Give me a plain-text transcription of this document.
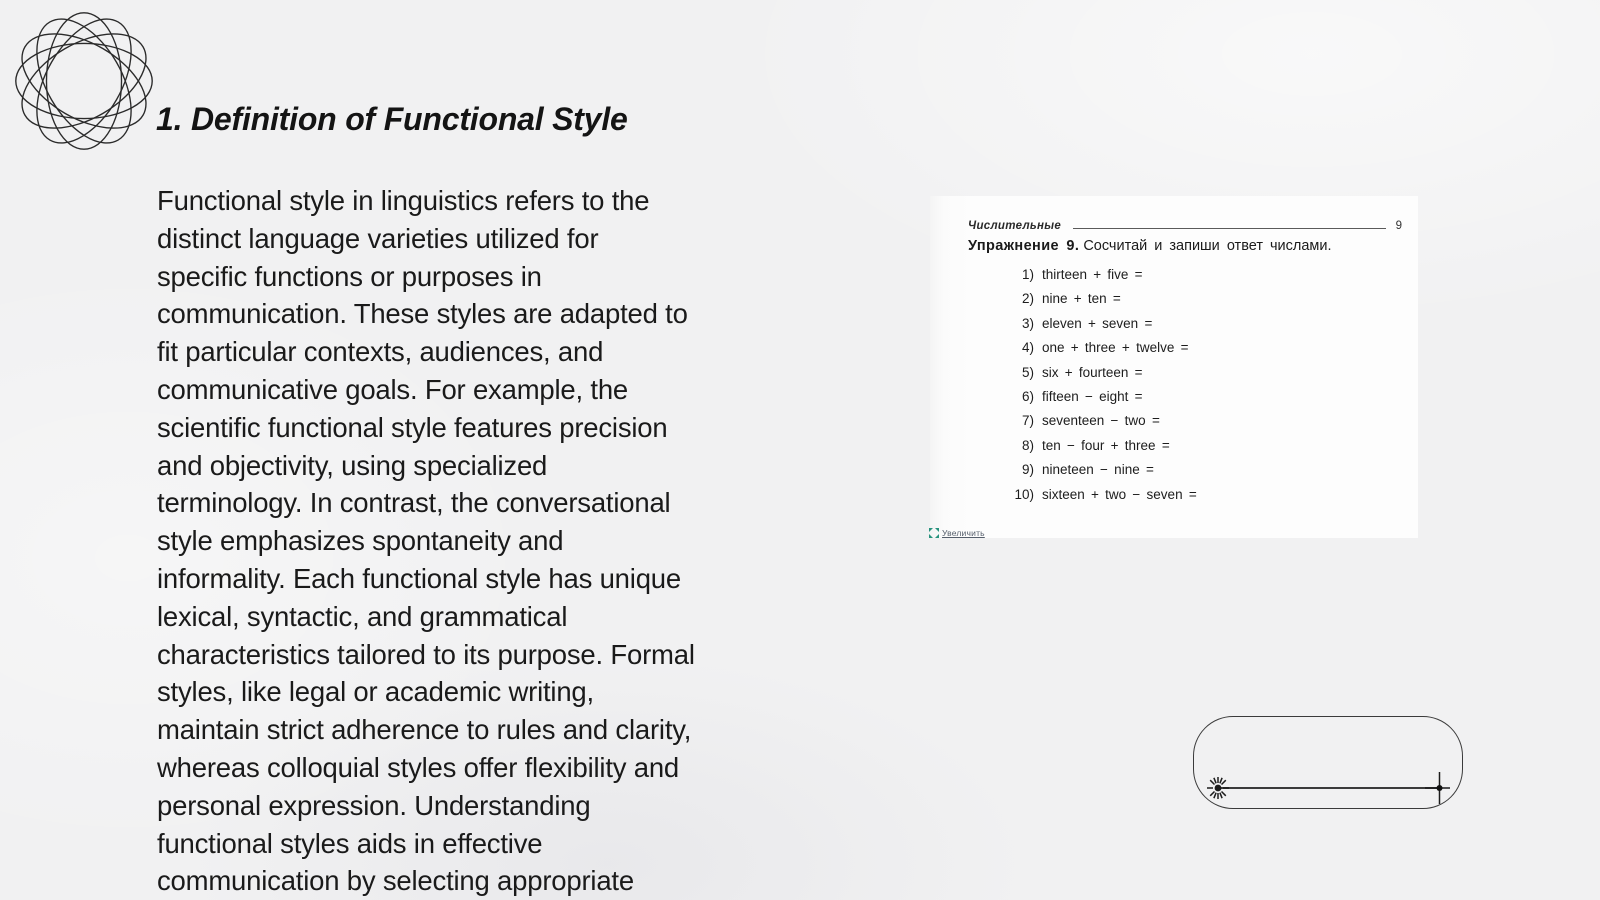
1. Definition of Functional Style
Functional style in linguistics refers to the
distinct language varieties utilized for
specific functions or purposes in
communication. These styles are adapted to
fit particular contexts, audiences, and
communicative goals. For example, the
scientific functional style features precision
and objectivity, using specialized
terminology. In contrast, the conversational
style emphasizes spontaneity and
informality. Each functional style has unique
lexical, syntactic, and grammatical
characteristics tailored to its purpose. Formal
styles, like legal or academic writing,
maintain strict adherence to rules and clarity,
whereas colloquial styles offer flexibility and
personal expression. Understanding
functional styles aids in effective
communication by selecting appropriate
Числительные	9
Упражнение 9. Сосчитай и запиши ответ числами.
1) thirteen + five =
2) nine + ten =
3) eleven + seven =
4) one + three + twelve =
5) six + fourteen =
6) fifteen − eight =
7) seventeen − two =
8) ten − four + three =
9) nineteen − nine =
10) sixteen + two − seven =
Увеличить
